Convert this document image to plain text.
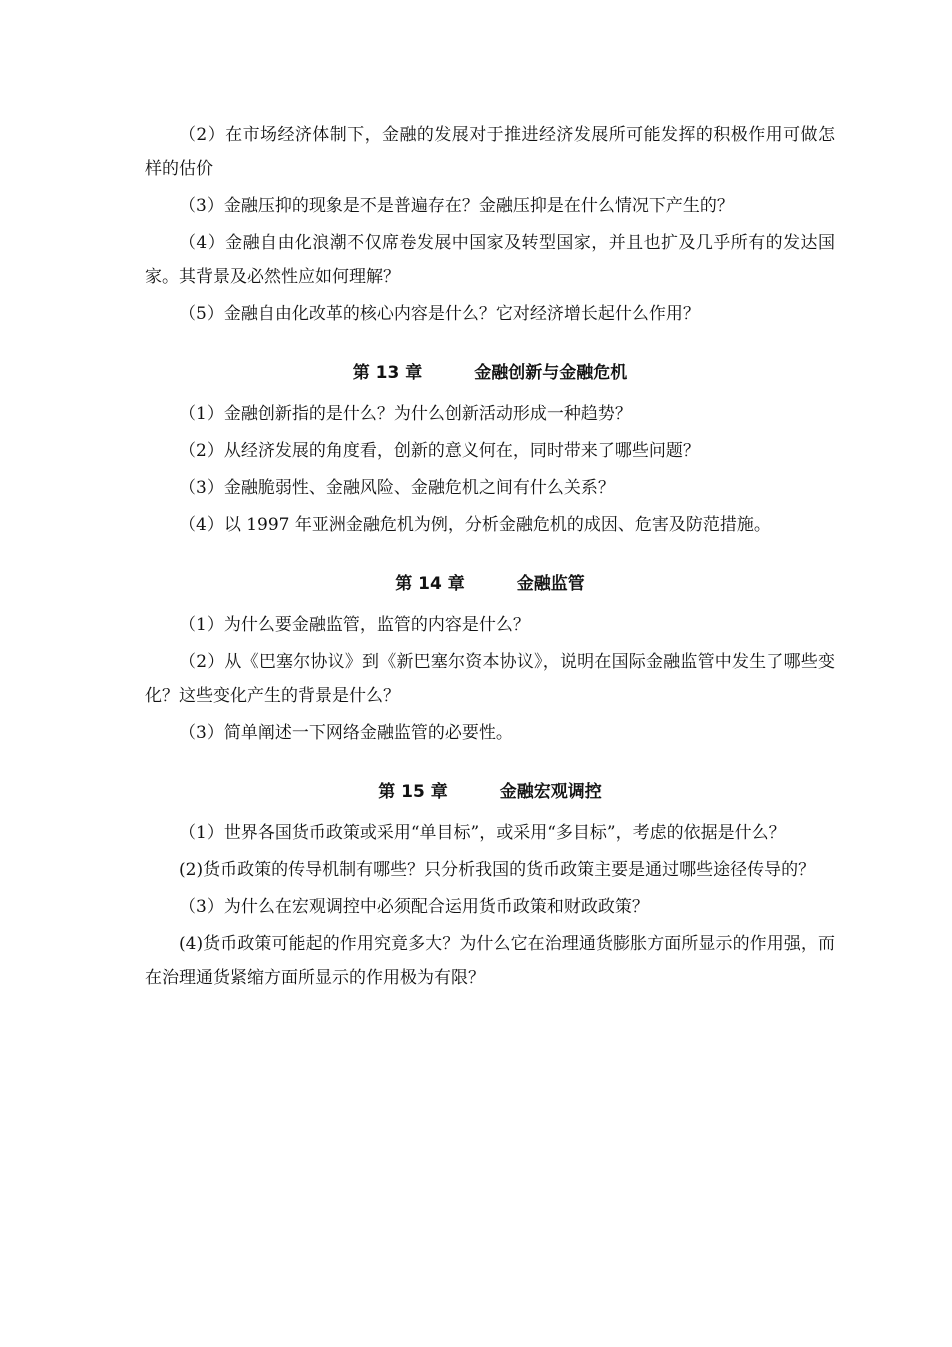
（2）在市场经济体制下，金融的发展对于推进经济发展所可能发挥的积极作用可做怎样的估价

（3）金融压抑的现象是不是普遍存在？金融压抑是在什么情况下产生的？

（4）金融自由化浪潮不仅席卷发展中国家及转型国家，并且也扩及几乎所有的发达国家。其背景及必然性应如何理解？

（5）金融自由化改革的核心内容是什么？它对经济增长起什么作用？

第 13 章	金融创新与金融危机

（1）金融创新指的是什么？为什么创新活动形成一种趋势？

（2）从经济发展的角度看，创新的意义何在，同时带来了哪些问题？

（3）金融脆弱性、金融风险、金融危机之间有什么关系？

（4）以 1997 年亚洲金融危机为例，分析金融危机的成因、危害及防范措施。

第 14 章	金融监管

（1）为什么要金融监管，监管的内容是什么？

（2）从《巴塞尔协议》到《新巴塞尔资本协议》，说明在国际金融监管中发生了哪些变化？这些变化产生的背景是什么？

（3）简单阐述一下网络金融监管的必要性。

第 15 章	金融宏观调控

（1）世界各国货币政策或采用“单目标”，或采用“多目标”，考虑的依据是什么？

(2)货币政策的传导机制有哪些？只分析我国的货币政策主要是通过哪些途径传导的？

（3）为什么在宏观调控中必须配合运用货币政策和财政政策？

(4)货币政策可能起的作用究竟多大？为什么它在治理通货膨胀方面所显示的作用强，而在治理通货紧缩方面所显示的作用极为有限？
